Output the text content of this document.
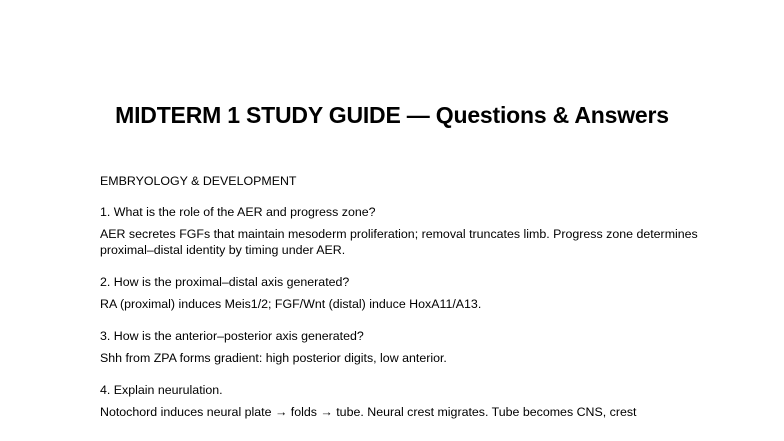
MIDTERM 1 STUDY GUIDE — Questions & Answers
EMBRYOLOGY & DEVELOPMENT

1. What is the role of the AER and progress zone?

AER secretes FGFs that maintain mesoderm proliferation; removal truncates limb. Progress zone determines proximal–distal identity by timing under AER.

2. How is the proximal–distal axis generated?

RA (proximal) induces Meis1/2; FGF/Wnt (distal) induce HoxA11/A13.

3. How is the anterior–posterior axis generated?

Shh from ZPA forms gradient: high posterior digits, low anterior.

4. Explain neurulation.

Notochord induces neural plate → folds → tube. Neural crest migrates. Tube becomes CNS, crest
